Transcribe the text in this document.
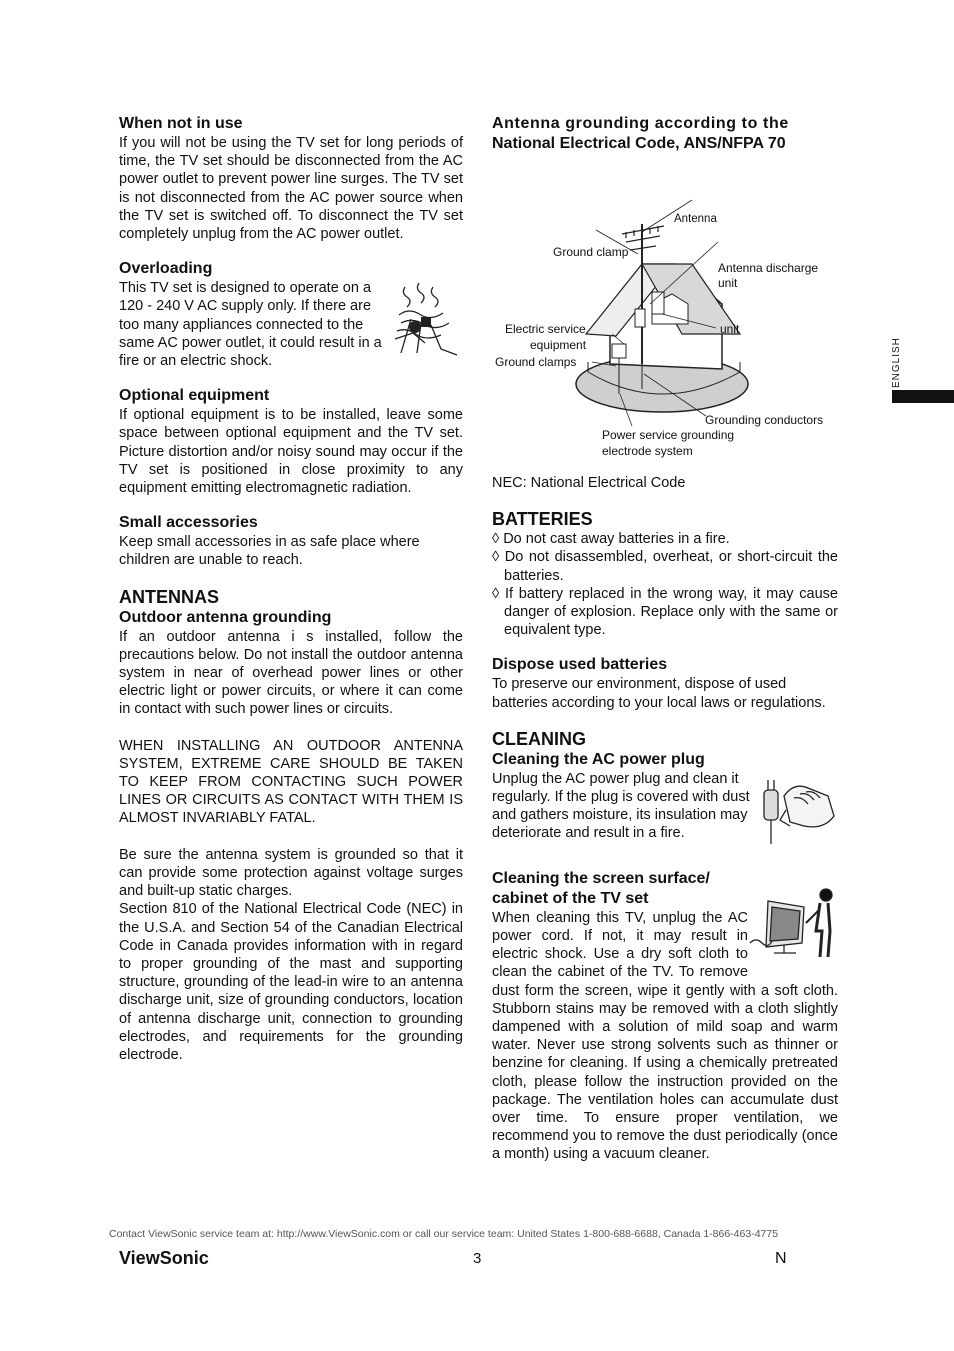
When not in use

If you will not be using the TV set for long periods of time, the TV set should be disconnected from the AC power outlet to prevent power line surges. The TV set is not disconnected from the AC power source when the TV set is switched off. To disconnect the TV set completely unplug from the AC power outlet.

Overloading

This TV set is designed to operate on a 120 - 240 V AC supply only. If there are too many appliances connected to the same AC power outlet, it could result in a fire or an electric shock.

Optional equipment

If optional equipment is to be installed, leave some space between optional equipment and the TV set. Picture distortion and/or noisy sound may occur if the TV set is positioned in close proximity to any equipment emitting electromagnetic radiation.

Small accessories

Keep small accessories in as safe place where children are unable to reach.

ANTENNAS
Outdoor antenna grounding

If an outdoor antenna i s installed, follow the precautions below. Do not install the outdoor antenna system in near of overhead power lines or other electric light or power circuits, or where it can come in contact with such power lines or circuits.

WHEN INSTALLING AN OUTDOOR ANTENNA SYSTEM, EXTREME CARE SHOULD BE TAKEN TO KEEP FROM CONTACTING SUCH POWER LINES OR CIRCUITS AS CONTACT WITH THEM IS ALMOST INVARIABLY FATAL.

Be sure the antenna system is grounded so that it can provide some protection against voltage surges and built-up static charges.

Section 810 of the National Electrical Code (NEC) in the U.S.A. and Section 54 of the Canadian Electrical Code in Canada provides information with in regard to proper grounding of the mast and supporting structure, grounding of the lead-in wire to an antenna discharge unit, size of grounding conductors, location of antenna discharge unit, connection to grounding electrodes, and requirements for the grounding electrode.

Antenna grounding according to the
National Electrical Code, ANS/NFPA 70
Antenna
Ground clamp
Antenna discharge unit
Electric service
equipment
unit
Ground clamps
Grounding conductors
Power service grounding
electrode system

NEC: National Electrical Code

BATTERIES
◊ Do not cast away batteries in a fire.
◊ Do not disassembled, overheat, or short-circuit the batteries.
◊ If battery replaced in the wrong way, it may cause danger of explosion. Replace only with the same or equivalent type.
Dispose used batteries

To preserve our environment, dispose of used batteries according to your local laws or regulations.

CLEANING
Cleaning the AC power plug

Unplug the AC power plug and clean it regularly. If the plug is covered with dust and gathers moisture, its insulation may deteriorate and result in a fire.

Cleaning the screen surface/
cabinet of the TV set

When cleaning this TV, unplug the AC power cord. If not, it may result in electric shock. Use a dry soft cloth to clean the cabinet of the TV. To remove dust form the screen, wipe it gently with a soft cloth. Stubborn stains may be removed with a cloth slightly dampened with a solution of mild soap and warm water. Never use strong solvents such as thinner or benzine for cleaning. If using a chemically pretreated cloth, please follow the instruction provided on the package. The ventilation holes can accumulate dust over time. To ensure proper ventilation, we recommend you to remove the dust periodically (once a month) using a vacuum cleaner.

ENGLISH
Contact ViewSonic service team at: http://www.ViewSonic.com or call our service team: United States 1-800-688-6688, Canada 1-866-463-4775
ViewSonic	3	N
